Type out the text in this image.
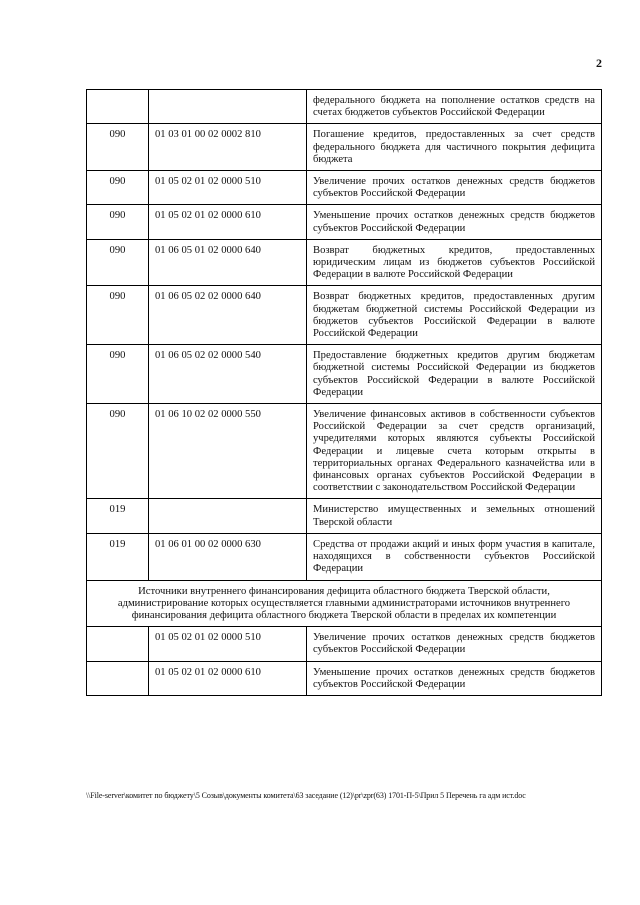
2
		федерального бюджета на пополнение остатков средств на счетах бюджетов субъектов Российской Федерации
090	01 03 01 00 02 0002 810	Погашение кредитов, предоставленных за счет средств федерального бюджета для частичного покрытия дефицита бюджета
090	01 05 02 01 02 0000 510	Увеличение прочих остатков денежных средств бюджетов субъектов Российской Федерации
090	01 05 02 01 02 0000 610	Уменьшение прочих остатков денежных средств бюджетов субъектов Российской Федерации
090	01 06 05 01 02 0000 640	Возврат бюджетных кредитов, предоставленных юридическим лицам из бюджетов субъектов Российской Федерации в валюте Российской Федерации
090	01 06 05 02 02 0000 640	Возврат бюджетных кредитов, предоставленных другим бюджетам бюджетной системы Российской Федерации из бюджетов субъектов Российской Федерации в валюте Российской Федерации
090	01 06 05 02 02 0000 540	Предоставление бюджетных кредитов другим бюджетам бюджетной системы Российской Федерации из бюджетов субъектов Российской Федерации в валюте Российской Федерации
090	01 06 10 02 02 0000 550	Увеличение финансовых активов в собственности субъектов Российской Федерации за счет средств организаций, учредителями которых являются субъекты Российской Федерации и лицевые счета которым открыты в территориальных органах Федерального казначейства или в финансовых органах субъектов Российской Федерации в соответствии с законодательством Российской Федерации
019		Министерство имущественных и земельных отношений Тверской области
019	01 06 01 00 02 0000 630	Средства от продажи акций и иных форм участия в капитале, находящихся в собственности субъектов Российской Федерации
Источники внутреннего финансирования дефицита областного бюджета Тверской области, администрирование которых осуществляется главными администраторами источников внутреннего финансирования дефицита областного бюджета Тверской области в пределах их компетенции		
	01 05 02 01 02 0000 510	Увеличение прочих остатков денежных средств бюджетов субъектов Российской Федерации
	01 05 02 01 02 0000 610	Уменьшение прочих остатков денежных средств бюджетов субъектов Российской Федерации
\\File-server\комитет по бюджету\5 Созыв\документы комитета\63 заседание (12)\pr\zpr(63) 1701-П-5\Прил 5 Перечень га адм ист.doc
